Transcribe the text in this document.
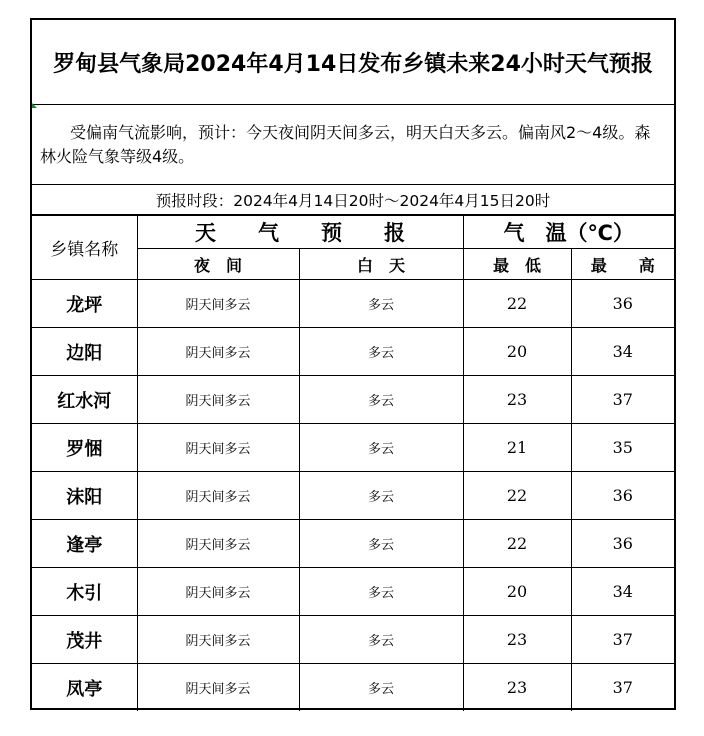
罗甸县气象局2024年4月14日发布乡镇未来24小时天气预报
受偏南气流影响，预计：今天夜间阴天间多云，明天白天多云。偏南风2～4级。森林火险气象等级4级。
预报时段：2024年4月14日20时～2024年4月15日20时
乡镇名称	天　　气　　预　　报		气　温（℃）	
	夜　间	白　天	最　低	最　　高
龙坪	阴天间多云	多云	22	36
边阳	阴天间多云	多云	20	34
红水河	阴天间多云	多云	23	37
罗悃	阴天间多云	多云	21	35
沫阳	阴天间多云	多云	22	36
逢亭	阴天间多云	多云	22	36
木引	阴天间多云	多云	20	34
茂井	阴天间多云	多云	23	37
凤亭	阴天间多云	多云	23	37
